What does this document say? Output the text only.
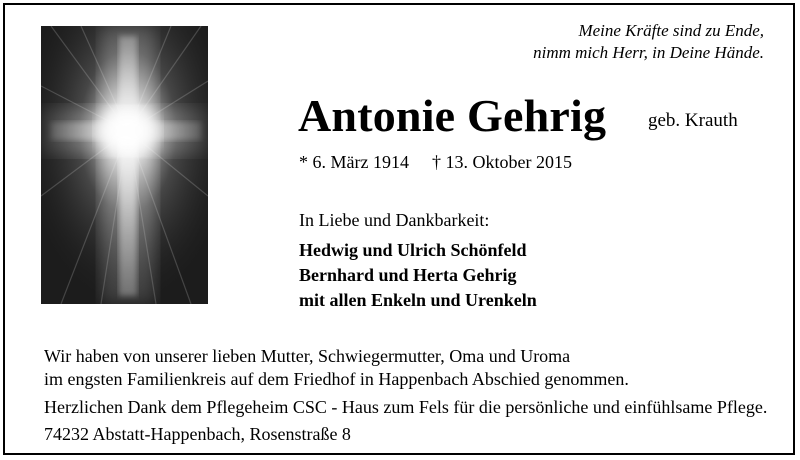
Meine Kräfte sind zu Ende,
nimm mich Herr, in Deine Hände.
Antonie Gehrig geb. Krauth
* 6. März 1914 † 13. Oktober 2015
In Liebe und Dankbarkeit:
Hedwig und Ulrich Schönfeld
Bernhard und Herta Gehrig
mit allen Enkeln und Urenkeln
Wir haben von unserer lieben Mutter, Schwiegermutter, Oma und Uroma
im engsten Familienkreis auf dem Friedhof in Happenbach Abschied genommen.
Herzlichen Dank dem Pflegeheim CSC - Haus zum Fels für die persönliche und einfühlsame Pflege.
74232 Abstatt-Happenbach, Rosenstraße 8
